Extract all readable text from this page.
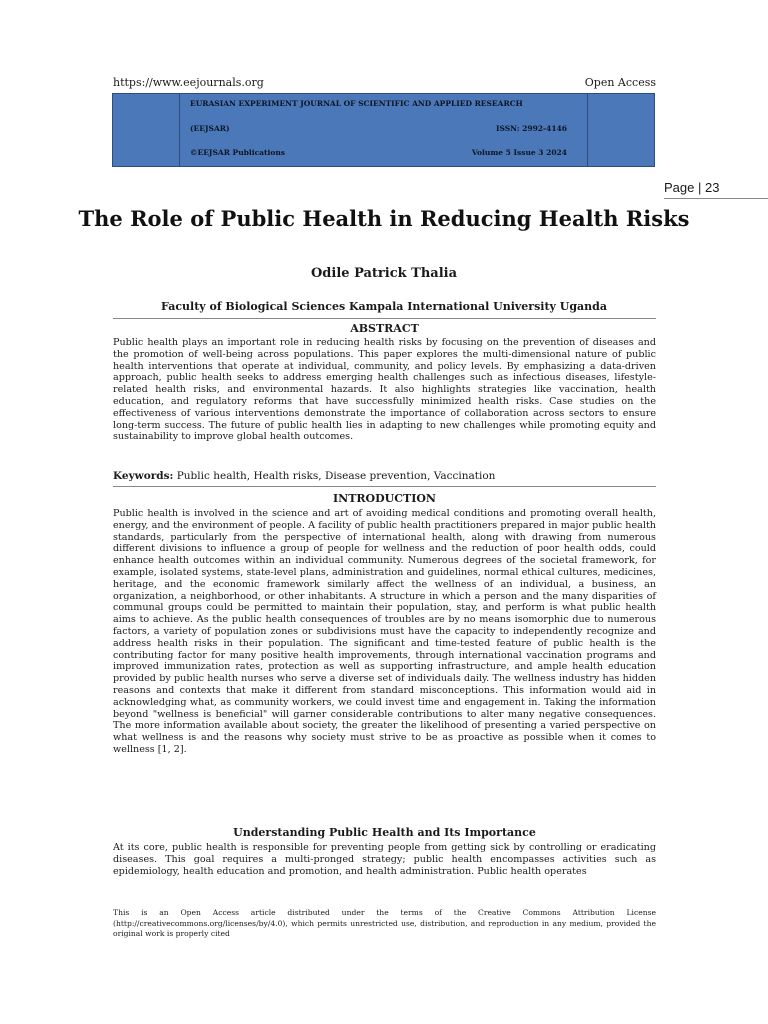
https://www.eejournals.org	Open Access
EURASIAN EXPERIMENT JOURNAL OF SCIENTIFIC AND APPLIED RESEARCH
(EEJSAR)	ISSN: 2992-4146
©EEJSAR Publications	Volume 5 Issue 3 2024
Page | 23
The Role of Public Health in Reducing Health Risks
Odile Patrick Thalia
Faculty of Biological Sciences Kampala International University Uganda
ABSTRACT

Public health plays an important role in reducing health risks by focusing on the prevention of diseases and the promotion of well-being across populations. This paper explores the multi-dimensional nature of public health interventions that operate at individual, community, and policy levels. By emphasizing a data-driven approach, public health seeks to address emerging health challenges such as infectious diseases, lifestyle-related health risks, and environmental hazards. It also highlights strategies like vaccination, health education, and regulatory reforms that have successfully minimized health risks. Case studies on the effectiveness of various interventions demonstrate the importance of collaboration across sectors to ensure long-term success. The future of public health lies in adapting to new challenges while promoting equity and sustainability to improve global health outcomes.

Keywords: Public health, Health risks, Disease prevention, Vaccination
INTRODUCTION

Public health is involved in the science and art of avoiding medical conditions and promoting overall health, energy, and the environment of people. A facility of public health practitioners prepared in major public health standards, particularly from the perspective of international health, along with drawing from numerous different divisions to influence a group of people for wellness and the reduction of poor health odds, could enhance health outcomes within an individual community. Numerous degrees of the societal framework, for example, isolated systems, state-level plans, administration and guidelines, normal ethical cultures, medicines, heritage, and the economic framework similarly affect the wellness of an individual, a business, an organization, a neighborhood, or other inhabitants. A structure in which a person and the many disparities of communal groups could be permitted to maintain their population, stay, and perform is what public health aims to achieve. As the public health consequences of troubles are by no means isomorphic due to numerous factors, a variety of population zones or subdivisions must have the capacity to independently recognize and address health risks in their population. The significant and time-tested feature of public health is the contributing factor for many positive health improvements, through international vaccination programs and improved immunization rates, protection as well as supporting infrastructure, and ample health education provided by public health nurses who serve a diverse set of individuals daily. The wellness industry has hidden reasons and contexts that make it different from standard misconceptions. This information would aid in acknowledging what, as community workers, we could invest time and engagement in. Taking the information beyond "wellness is beneficial" will garner considerable contributions to alter many negative consequences. The more information available about society, the greater the likelihood of presenting a varied perspective on what wellness is and the reasons why society must strive to be as proactive as possible when it comes to wellness [1, 2].

Understanding Public Health and Its Importance

At its core, public health is responsible for preventing people from getting sick by controlling or eradicating diseases. This goal requires a multi-pronged strategy; public health encompasses activities such as epidemiology, health education and promotion, and health administration. Public health operates

This is an Open Access article distributed under the terms of the Creative Commons Attribution License (http://creativecommons.org/licenses/by/4.0), which permits unrestricted use, distribution, and reproduction in any medium, provided the original work is properly cited
